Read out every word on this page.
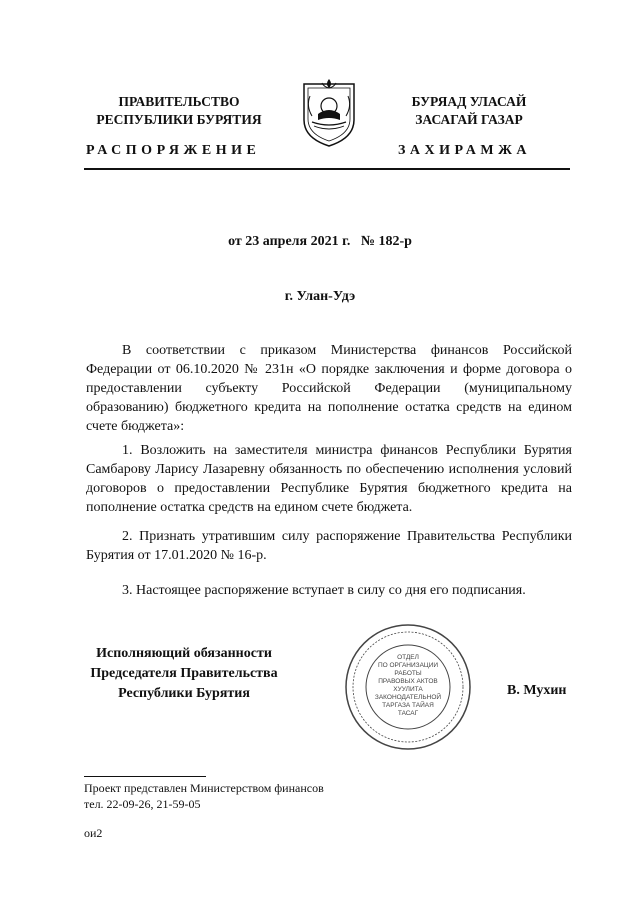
ПРАВИТЕЛЬСТВО
РЕСПУБЛИКИ БУРЯТИЯ
БУРЯАД УЛАСАЙ
ЗАСАГАЙ ГАЗАР
РАСПОРЯЖЕНИЕ	ЗАХИРАМЖА
от 23 апреля 2021 г.   № 182-р
г. Улан-Удэ

В соответствии с приказом Министерства финансов Российской Федерации от 06.10.2020 № 231н «О порядке заключения и форме договора о предоставлении субъекту Российской Федерации (муниципальному образованию) бюджетного кредита на пополнение остатка средств на едином счете бюджета»:

1. Возложить на заместителя министра финансов Республики Бурятия Самбарову Ларису Лазаревну обязанность по обеспечению исполнения условий договоров о предоставлении Республике Бурятия бюджетного кредита на пополнение остатка средств на едином счете бюджета.

2. Признать утратившим силу распоряжение Правительства Республики Бурятия от 17.01.2020 № 16-р.

3. Настоящее распоряжение вступает в силу со дня его подписания.

Исполняющий обязанности
Председателя Правительства
Республики Бурятия
ОТДЕЛ
ПО ОРГАНИЗАЦИИ
РАБОТЫ
ПРАВОВЫХ АКТОВ
ХУУЛИТА
ЗАКОНОДАТЕЛЬНОЙ
ТАРГАЗА ТАЙАЯ
ТАСАГ
В. Мухин
Проект представлен Министерством финансов
тел. 22-09-26, 21-59-05
ои2
